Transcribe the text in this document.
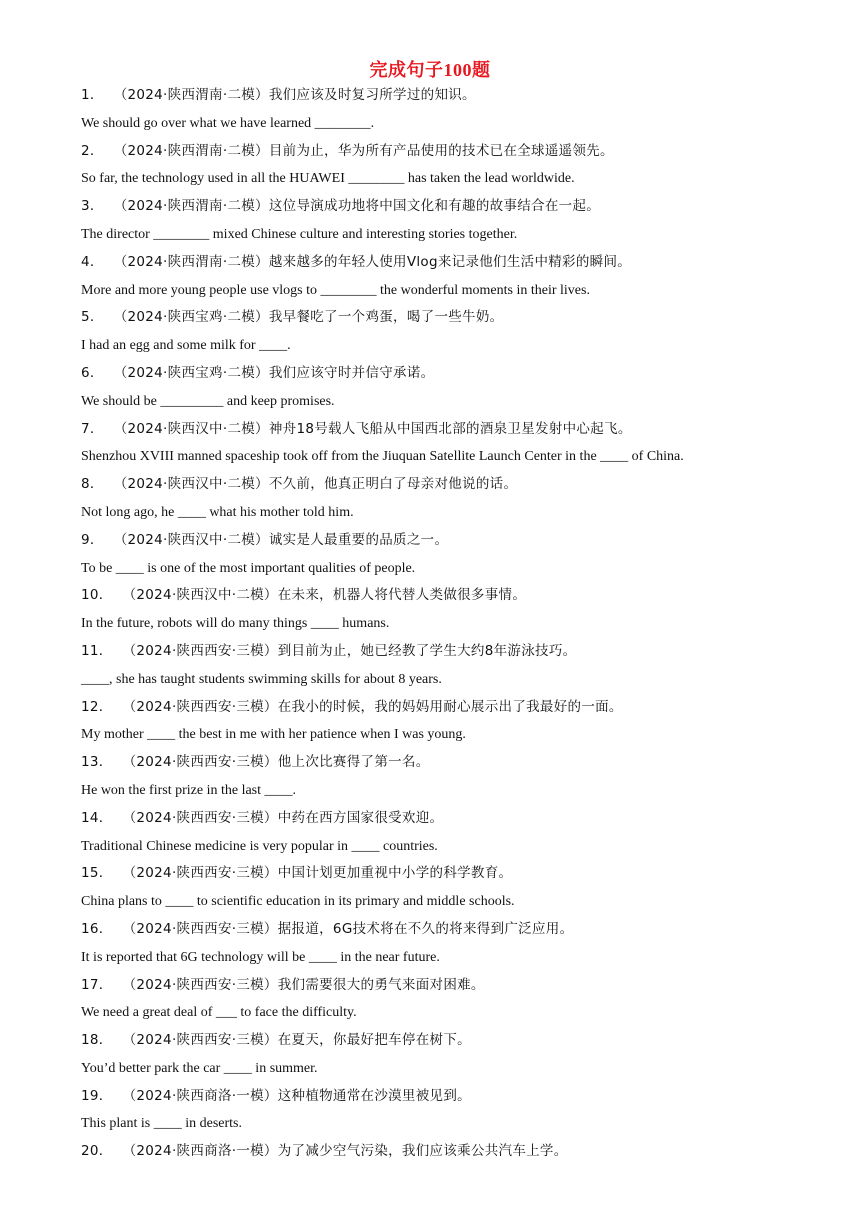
完成句子100题
1． （2024·陕西渭南·二模）我们应该及时复习所学过的知识。
We should go over what we have learned ________.
2． （2024·陕西渭南·二模）目前为止，华为所有产品使用的技术已在全球遥遥领先。
So far, the technology used in all the HUAWEI ________ has taken the lead worldwide.
3． （2024·陕西渭南·二模）这位导演成功地将中国文化和有趣的故事结合在一起。
The director ________ mixed Chinese culture and interesting stories together.
4． （2024·陕西渭南·二模）越来越多的年轻人使用Vlog来记录他们生活中精彩的瞬间。
More and more young people use vlogs to ________ the wonderful moments in their lives.
5． （2024·陕西宝鸡·二模）我早餐吃了一个鸡蛋，喝了一些牛奶。
I had an egg and some milk for ____.
6． （2024·陕西宝鸡·二模）我们应该守时并信守承诺。
We should be _________ and keep promises.
7． （2024·陕西汉中·二模）神舟18号载人飞船从中国西北部的酒泉卫星发射中心起飞。
Shenzhou XVIII manned spaceship took off from the Jiuquan Satellite Launch Center in the ____ of China.
8． （2024·陕西汉中·二模）不久前，他真正明白了母亲对他说的话。
Not long ago, he ____ what his mother told him.
9． （2024·陕西汉中·二模）诚实是人最重要的品质之一。
To be ____ is one of the most important qualities of people.
10． （2024·陕西汉中·二模）在未来，机器人将代替人类做很多事情。
In the future, robots will do many things ____ humans.
11． （2024·陕西西安·三模）到目前为止，她已经教了学生大约8年游泳技巧。
____, she has taught students swimming skills for about 8 years.
12． （2024·陕西西安·三模）在我小的时候，我的妈妈用耐心展示出了我最好的一面。
My mother ____ the best in me with her patience when I was young.
13． （2024·陕西西安·三模）他上次比赛得了第一名。
He won the first prize in the last ____.
14． （2024·陕西西安·三模）中药在西方国家很受欢迎。
Traditional Chinese medicine is very popular in ____ countries.
15． （2024·陕西西安·三模）中国计划更加重视中小学的科学教育。
China plans to ____ to scientific education in its primary and middle schools.
16． （2024·陕西西安·三模）据报道，6G技术将在不久的将来得到广泛应用。
It is reported that 6G technology will be ____ in the near future.
17． （2024·陕西西安·三模）我们需要很大的勇气来面对困难。
We need a great deal of ___ to face the difficulty.
18． （2024·陕西西安·三模）在夏天，你最好把车停在树下。
You’d better park the car ____ in summer.
19． （2024·陕西商洛·一模）这种植物通常在沙漠里被见到。
This plant is ____ in deserts.
20． （2024·陕西商洛·一模）为了减少空气污染，我们应该乘公共汽车上学。
